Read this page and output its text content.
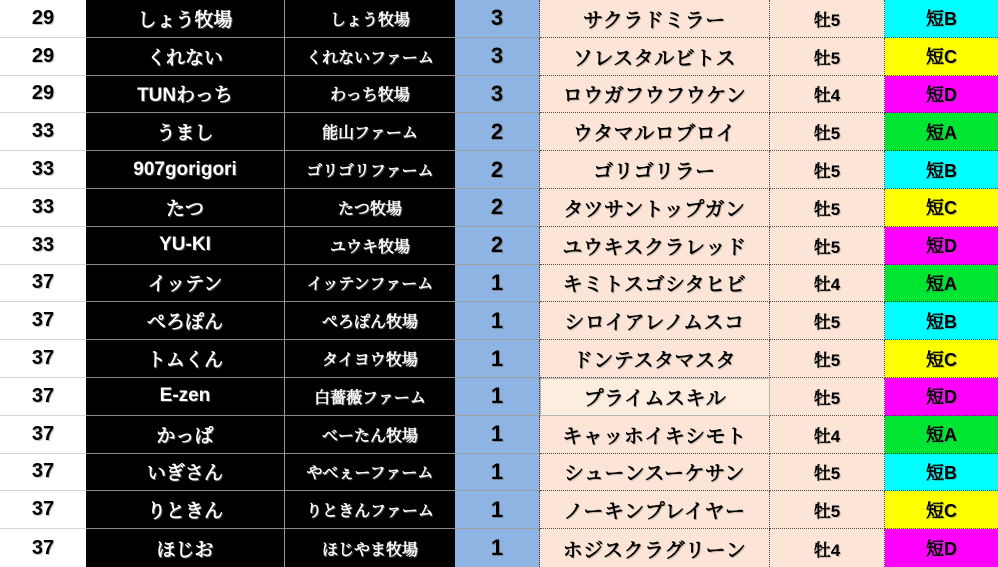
29	しょう牧場	しょう牧場	3	サクラドミラー	牡5	短B
29	くれない	くれないファーム	3	ソレスタルビトス	牡5	短C
29	TUNわっち	わっち牧場	3	ロウガフウフウケン	牡4	短D
33	うまし	能山ファーム	2	ウタマルロブロイ	牡5	短A
33	907gorigori	ゴリゴリファーム	2	ゴリゴリラー	牡5	短B
33	たつ	たつ牧場	2	タツサントップガン	牡5	短C
33	YU-KI	ユウキ牧場	2	ユウキスクラレッド	牡5	短D
37	イッテン	イッテンファーム	1	キミトスゴシタヒビ	牡4	短A
37	ぺろぽん	ぺろぽん牧場	1	シロイアレノムスコ	牡5	短B
37	トムくん	タイヨウ牧場	1	ドンテスタマスタ	牡5	短C
37	E-zen	白薔薇ファーム	1	プライムスキル	牡5	短D
37	かっぱ	べーたん牧場	1	キャッホイキシモト	牡4	短A
37	いぎさん	やべぇーファーム	1	シューンスーケサン	牡5	短B
37	りときん	りときんファーム	1	ノーキンプレイヤー	牡5	短C
37	ほじお	ほじやま牧場	1	ホジスクラグリーン	牡4	短D
